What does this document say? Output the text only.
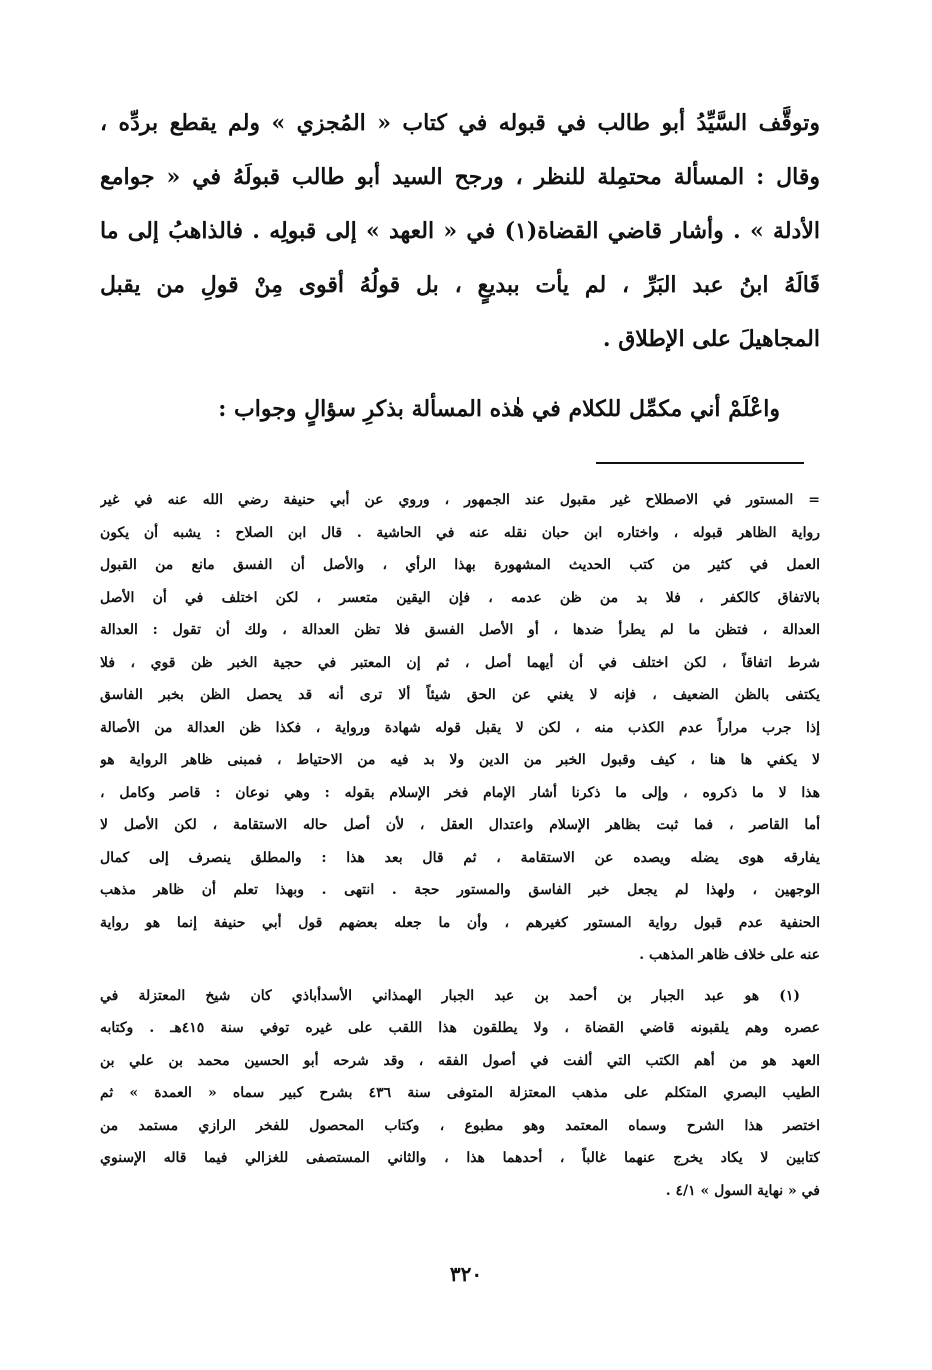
وتوقَّف السَّيِّدُ أبو طالب في قبوله في كتاب « المُجزي » ولم يقطع بردِّه ،
وقال : المسألة محتمِلة للنظر ، ورجح السيد أبو طالب قبولَهُ في « جوامع
الأدلة » . وأشار قاضي القضاة(١) في « العهد » إلى قبولِه . فالذاهبُ إلى ما
قَالَهُ ابنُ عبد البَرِّ ، لم يأت ببديعٍ ، بل قولُهُ أقوى مِنْ قولِ من يقبل
المجاهيلَ على الإطلاق .
واعْلَمْ أني مكمِّل للكلام في هٰذه المسألة بذكرِ سؤالٍ وجواب :
= المستور في الاصطلاح غير مقبول عند الجمهور ، وروي عن أبي حنيفة رضي الله عنه في غير
رواية الظاهر قبوله ، واختاره ابن حبان نقله عنه في الحاشية . قال ابن الصلاح : يشبه أن يكون
العمل في كثير من كتب الحديث المشهورة بهذا الرأي ، والأصل أن الفسق مانع من القبول
بالاتفاق كالكفر ، فلا بد من ظن عدمه ، فإن اليقين متعسر ، لكن اختلف في أن الأصل
العدالة ، فتظن ما لم يطرأ ضدها ، أو الأصل الفسق فلا تظن العدالة ، ولك أن تقول : العدالة
شرط اتفاقاً ، لكن اختلف في أن أيهما أصل ، ثم إن المعتبر في حجية الخبر ظن قوي ، فلا
يكتفى بالظن الضعيف ، فإنه لا يغني عن الحق شيئاً ألا ترى أنه قد يحصل الظن بخبر الفاسق
إذا جرب مراراً عدم الكذب منه ، لكن لا يقبل قوله شهادة ورواية ، فكذا ظن العدالة من الأصالة
لا يكفي ها هنا ، كيف وقبول الخبر من الدين ولا بد فيه من الاحتياط ، فمبنى ظاهر الرواية هو
هذا لا ما ذكروه ، وإلى ما ذكرنا أشار الإمام فخر الإسلام بقوله : وهي نوعان : قاصر وكامل ،
أما القاصر ، فما ثبت بظاهر الإسلام واعتدال العقل ، لأن أصل حاله الاستقامة ، لكن الأصل لا
يفارقه هوى يضله ويصده عن الاستقامة ، ثم قال بعد هذا : والمطلق ينصرف إلى كمال
الوجهين ، ولهذا لم يجعل خبر الفاسق والمستور حجة . انتهى . وبهذا تعلم أن ظاهر مذهب
الحنفية عدم قبول رواية المستور كغيرهم ، وأن ما جعله بعضهم قول أبي حنيفة إنما هو رواية
عنه على خلاف ظاهر المذهب .
(١) هو عبد الجبار بن أحمد بن عبد الجبار الهمذاني الأسدأباذي كان شيخ المعتزلة في
عصره وهم يلقبونه قاضي القضاة ، ولا يطلقون هذا اللقب على غيره توفي سنة ٤١٥هـ . وكتابه
العهد هو من أهم الكتب التي ألفت في أصول الفقه ، وقد شرحه أبو الحسين محمد بن علي بن
الطيب البصري المتكلم على مذهب المعتزلة المتوفى سنة ٤٣٦ بشرح كبير سماه « العمدة » ثم
اختصر هذا الشرح وسماه المعتمد وهو مطبوع ، وكتاب المحصول للفخر الرازي مستمد من
كتابين لا يكاد يخرج عنهما غالباً ، أحدهما هذا ، والثاني المستصفى للغزالي فيما قاله الإسنوي
في « نهاية السول » ٤/١ .
٣٢٠
